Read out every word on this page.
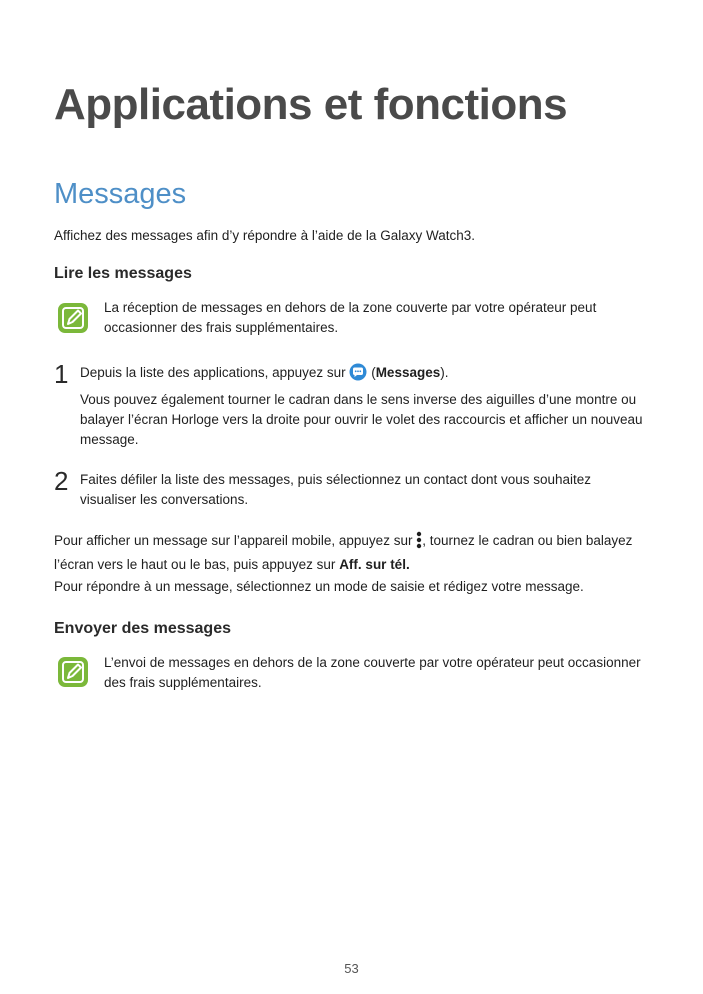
Applications et fonctions
Messages
Affichez des messages afin d’y répondre à l’aide de la Galaxy Watch3.
Lire les messages
La réception de messages en dehors de la zone couverte par votre opérateur peut occasionner des frais supplémentaires.
1 Depuis la liste des applications, appuyez sur (Messages).
Vous pouvez également tourner le cadran dans le sens inverse des aiguilles d’une montre ou balayer l’écran Horloge vers la droite pour ouvrir le volet des raccourcis et afficher un nouveau message.
2 Faites défiler la liste des messages, puis sélectionnez un contact dont vous souhaitez visualiser les conversations.
Pour afficher un message sur l’appareil mobile, appuyez sur , tournez le cadran ou bien balayez l’écran vers le haut ou le bas, puis appuyez sur Aff. sur tél.
Pour répondre à un message, sélectionnez un mode de saisie et rédigez votre message.
Envoyer des messages
L’envoi de messages en dehors de la zone couverte par votre opérateur peut occasionner des frais supplémentaires.
53
